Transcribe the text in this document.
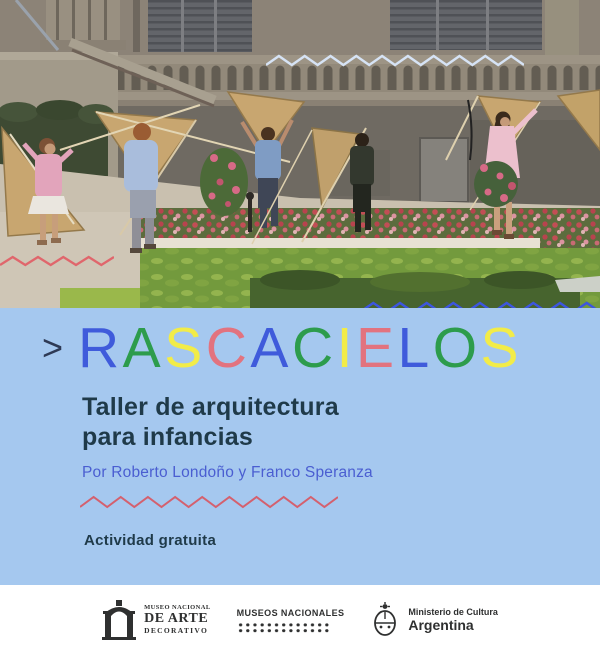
> RASCACIELOS
Taller de arquitectura
para infancias
Por Roberto Londoño y Franco Speranza
Actividad gratuita
MUSEO NACIONAL
DE ARTE
DECORATIVO
MUSEOS NACIONALES	Ministerio de Cultura
Argentina
